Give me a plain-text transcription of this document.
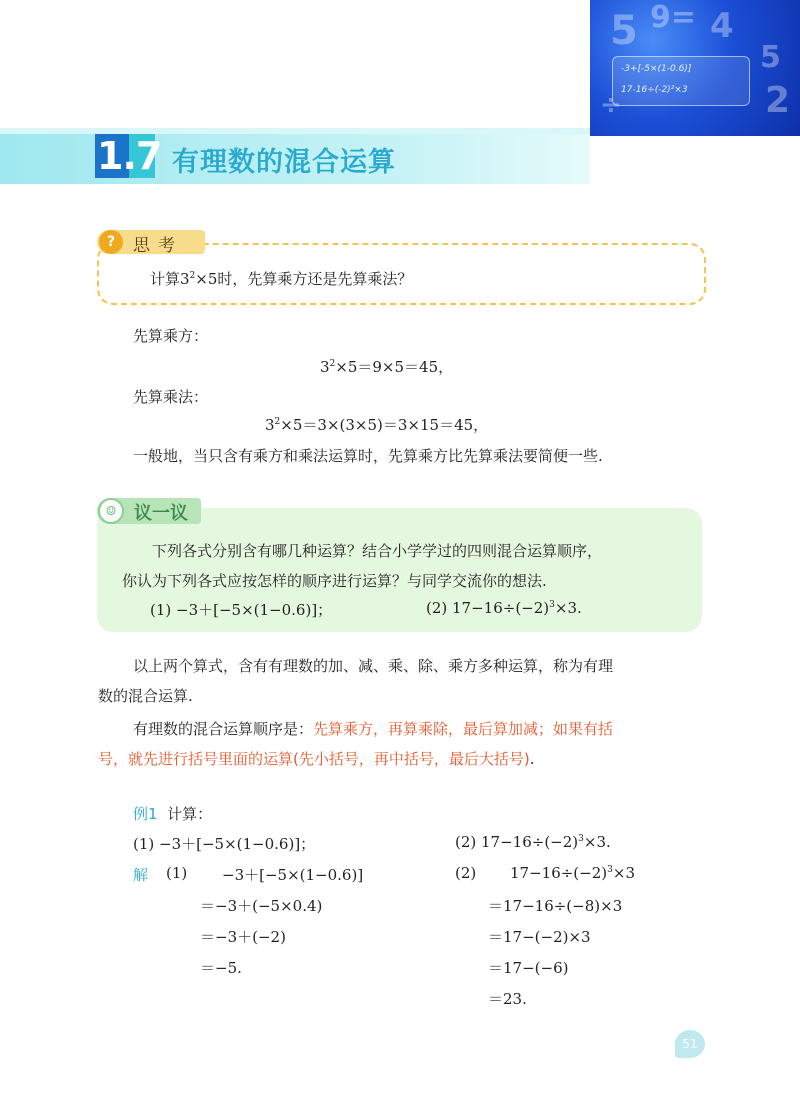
5 9= 4
5
2
÷
-3+[-5×(1-0.6)]
17-16÷(-2)²×3
1.7 有理数的混合运算
?	思考
计算$3^2\times 5$时，先算乘方还是先算乘法？
先算乘方：
$3^2\times 5=9\times 5=45$，
先算乘法：
$3^2\times 5=3\times(3\times 5)=3\times 15=45$，
一般地，当只含有乘方和乘法运算时，先算乘方比先算乘法要简便一些.
☺ 议一议
下列各式分别含有哪几种运算？结合小学学过的四则混合运算顺序，
你认为下列各式应按怎样的顺序进行运算？与同学交流你的想法.
(1) −3＋[−5×(1−0.6)]；	(2) $17-16\div(-2)^3\times 3$.
以上两个算式，含有有理数的加、减、乘、除、乘方多种运算，称为有理
数的混合运算.
有理数的混合运算顺序是：先算乘方，再算乘除，最后算加减；如果有括
号，就先进行括号里面的运算(先小括号，再中括号，最后大括号).
例1 计算：
(1) −3＋[−5×(1−0.6)]；	(2) $17-16\div(-2)^3\times 3$.
解 (1) −3＋[−5×(1−0.6)]
＝−3＋(−5×0.4)
＝−3＋(−2)
＝−5.
(2) $17-16\div(-2)^3\times 3$
＝17−16÷(−8)×3
＝17−(−2)×3
＝17−(−6)
＝23.
51
